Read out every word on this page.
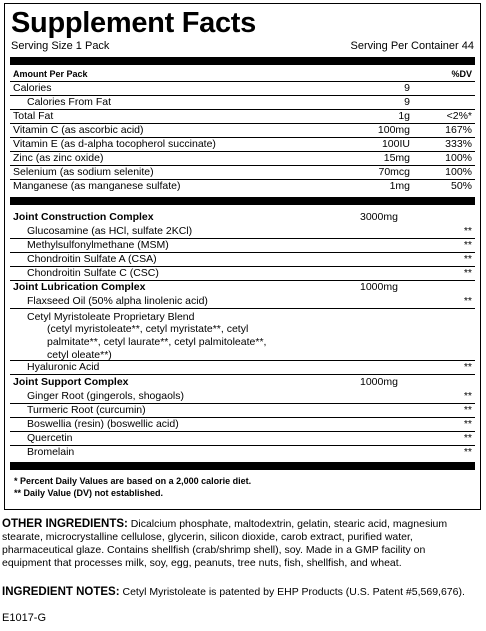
Supplement Facts
Serving Size 1 Pack	Serving Per Container 44
Amount Per Pack	%DV
Calories	9
Calories From Fat	9
Total Fat	1g	<2%*
Vitamin C (as ascorbic acid)	100mg	167%
Vitamin E (as d-alpha tocopherol succinate)	100IU	333%
Zinc (as zinc oxide)	15mg	100%
Selenium (as sodium selenite)	70mcg	100%
Manganese (as manganese sulfate)	1mg	50%
Joint Construction Complex	3000mg
Glucosamine (as HCl, sulfate 2KCl)	**
Methylsulfonylmethane (MSM)	**
Chondroitin Sulfate A (CSA)	**
Chondroitin Sulfate C (CSC)	**
Joint Lubrication Complex	1000mg
Flaxseed Oil (50% alpha linolenic acid)	**
Cetyl Myristoleate Proprietary Blend
(cetyl myristoleate**, cetyl myristate**, cetyl
palmitate**, cetyl laurate**, cetyl palmitoleate**,
cetyl oleate**)
Hyaluronic Acid	**
Joint Support Complex	1000mg
Ginger Root (gingerols, shogaols)	**
Turmeric Root (curcumin)	**
Boswellia (resin) (boswellic acid)	**
Quercetin	**
Bromelain	**
* Percent Daily Values are based on a 2,000 calorie diet.
** Daily Value (DV) not established.
OTHER INGREDIENTS: Dicalcium phosphate, maltodextrin, gelatin, stearic acid, magnesium
stearate, microcrystalline cellulose, glycerin, silicon dioxide, carob extract, purified water,
pharmaceutical glaze. Contains shellfish (crab/shrimp shell), soy. Made in a GMP facility on
equipment that processes milk, soy, egg, peanuts, tree nuts, fish, shellfish, and wheat.
INGREDIENT NOTES: Cetyl Myristoleate is patented by EHP Products (U.S. Patent #5,569,676).
E1017-G
